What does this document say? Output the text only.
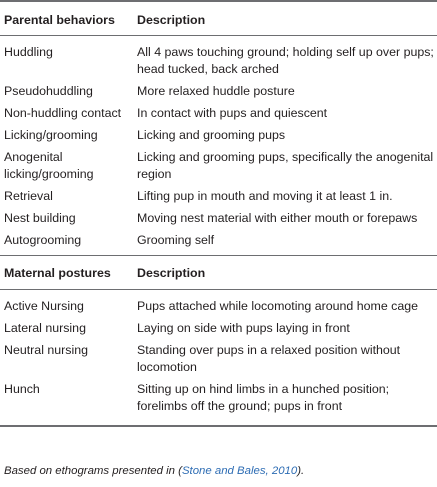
Parental behaviors	Description
Huddling	All 4 paws touching ground; holding self up over pups; head tucked, back arched
Pseudohuddling	More relaxed huddle posture
Non-huddling contact	In contact with pups and quiescent
Licking/grooming	Licking and grooming pups
Anogenital licking/grooming	Licking and grooming pups, specifically the anogenital region
Retrieval	Lifting pup in mouth and moving it at least 1 in.
Nest building	Moving nest material with either mouth or forepaws
Autogrooming	Grooming self
Maternal postures	Description
Active Nursing	Pups attached while locomoting around home cage
Lateral nursing	Laying on side with pups laying in front
Neutral nursing	Standing over pups in a relaxed position without locomotion
Hunch	Sitting up on hind limbs in a hunched position; forelimbs off the ground; pups in front
Based on ethograms presented in (Stone and Bales, 2010).
